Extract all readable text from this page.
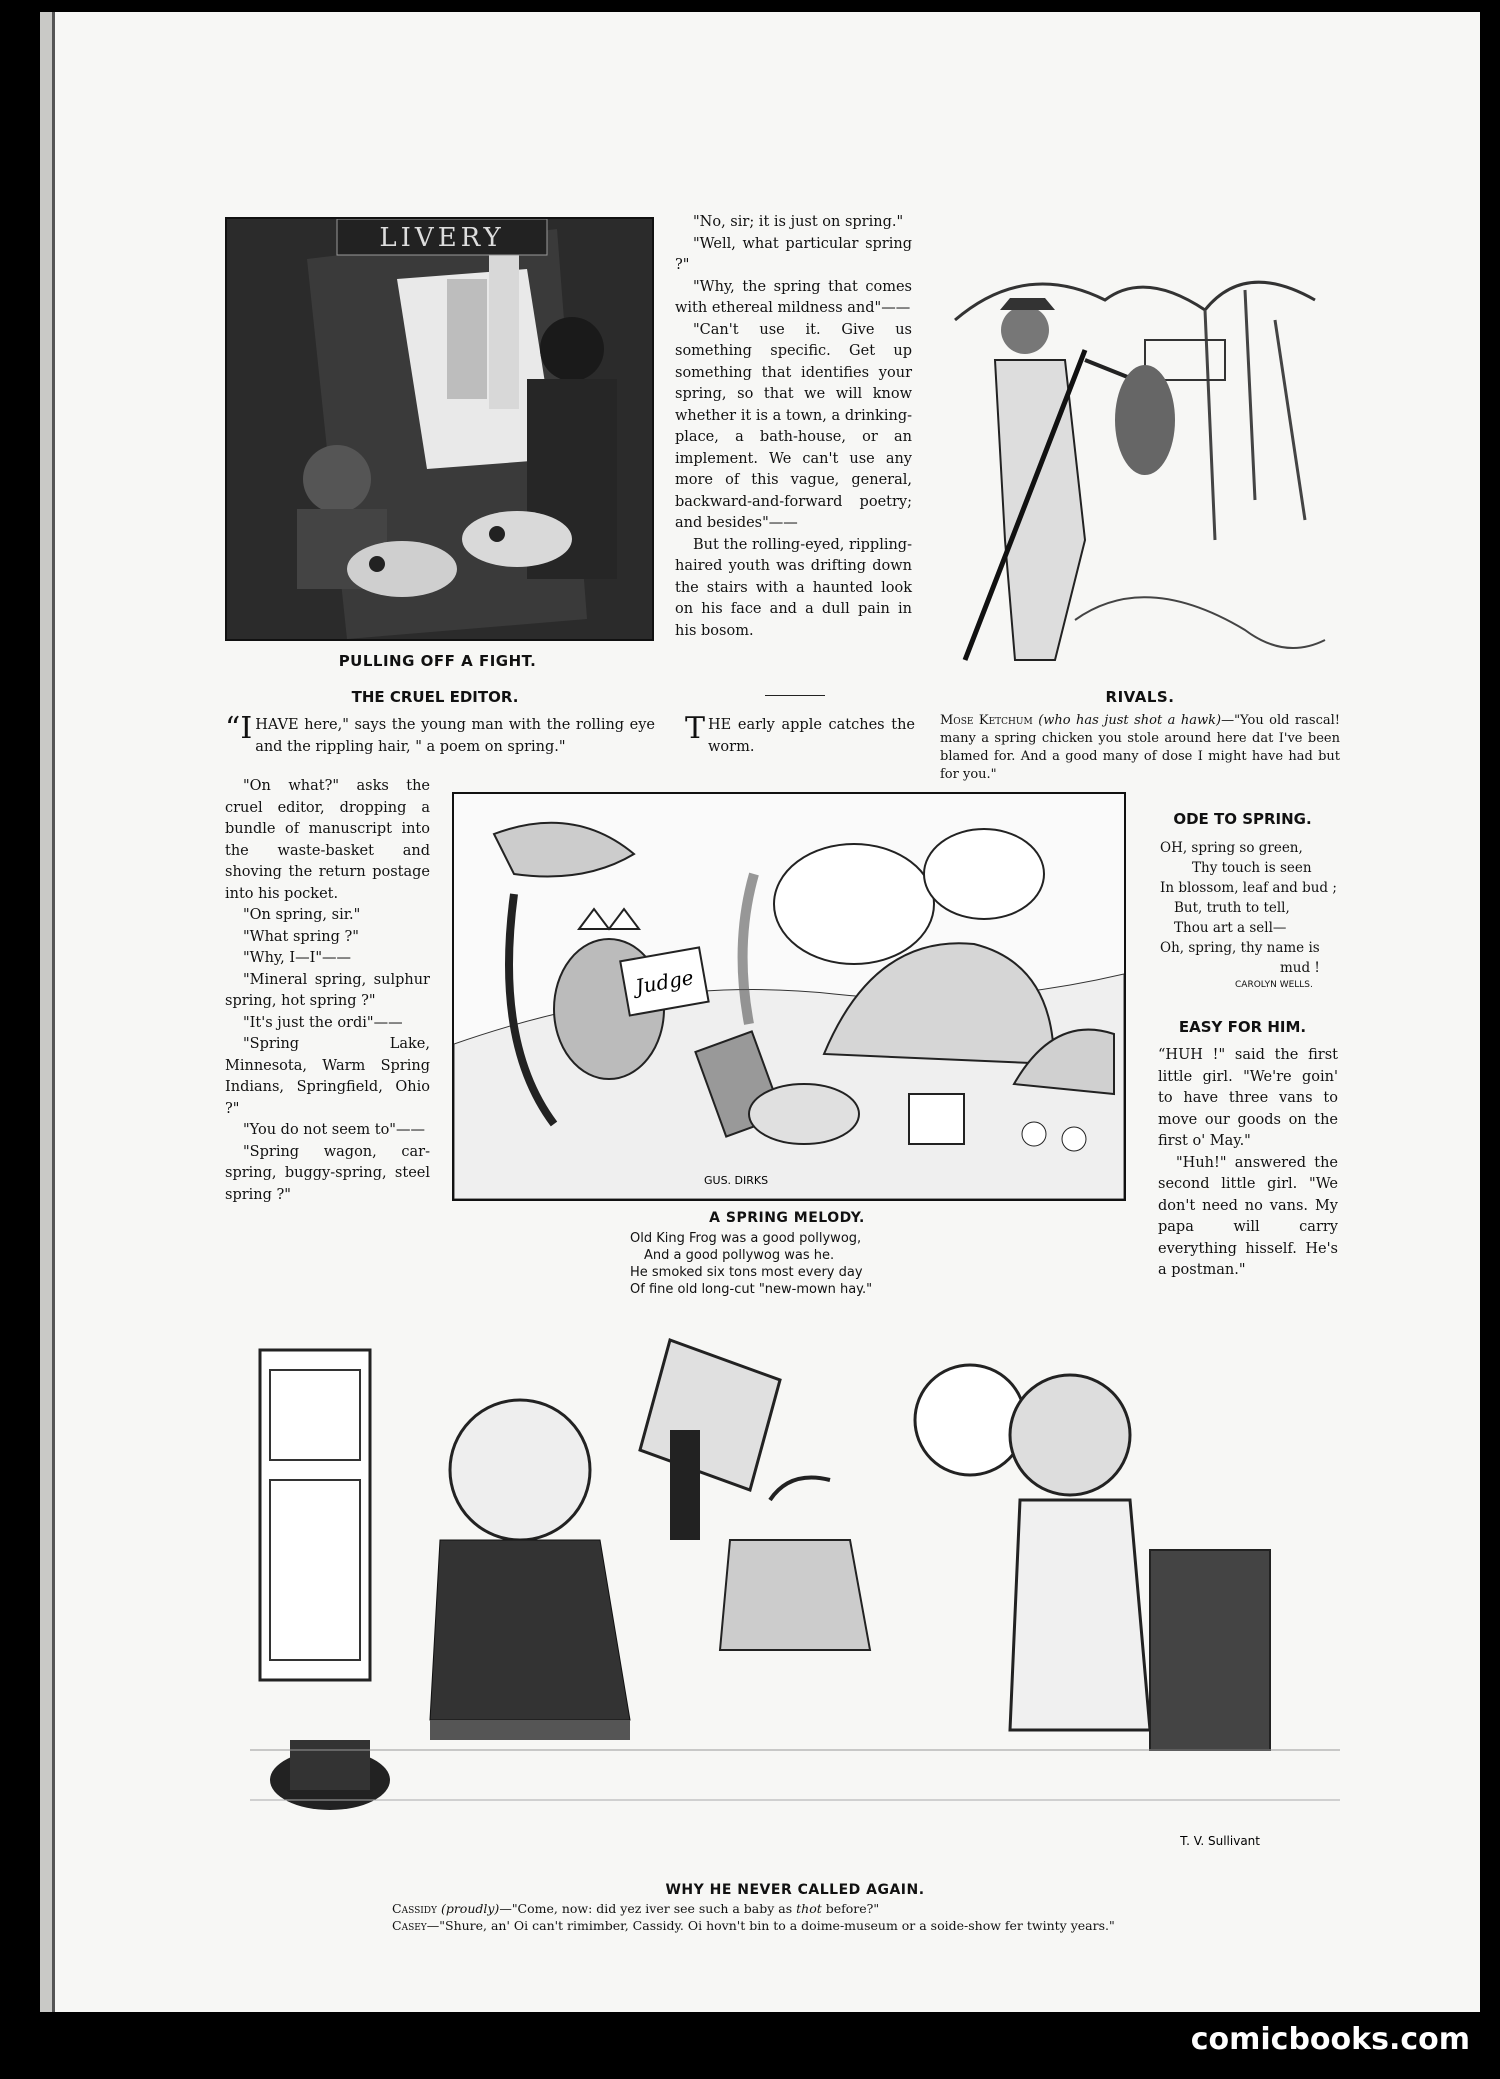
LIVERY
PULLING OFF A FIGHT.
THE CRUEL EDITOR.
“I HAVE here," says the young man with the rolling eye and the rippling hair, " a poem on spring."

"On what?" asks the cruel editor, dropping a bundle of manuscript into the waste-basket and shoving the return postage into his pocket.

"On spring, sir."

"What spring ?"

"Why, I—I"——

"Mineral spring, sulphur spring, hot spring ?"

"It's just the ordi"——

"Spring Lake, Minnesota, Warm Spring Indians, Springfield, Ohio ?"

"You do not seem to"——

"Spring wagon, car-spring, buggy-spring, steel spring ?"

"No, sir; it is just on spring."

"Well, what particular spring ?"

"Why, the spring that comes with ethereal mildness and"——

"Can't use it. Give us something specific. Get up something that identifies your spring, so that we will know whether it is a town, a drinking-place, a bath-house, or an implement. We can't use any more of this vague, general, backward-and-forward poetry; and besides"——

But the rolling-eyed, rippling-haired youth was drifting down the stairs with a haunted look on his face and a dull pain in his bosom.

T HE early apple catches the worm.
RIVALS.
Mose Ketchum (who has just shot a hawk)—"You old rascal! many a spring chicken you stole around here dat I've been blamed for. And a good many of dose I might have had but for you."
Judge
GUS. DIRKS
A SPRING MELODY.
Old King Frog was a good pollywog,
And a good pollywog was he.
He smoked six tons most every day
Of fine old long-cut "new-mown hay."
ODE TO SPRING.
OH, spring so green,
Thy touch is seen
In blossom, leaf and bud ;
But, truth to tell,
Thou art a sell—
Oh, spring, thy name is
mud !
CAROLYN WELLS.
EASY FOR HIM.

“HUH !" said the first little girl. "We're goin' to have three vans to move our goods on the first o' May."

"Huh!" answered the second little girl. "We don't need no vans. My papa will carry everything hisself. He's a postman."

T. V. Sullivant
WHY HE NEVER CALLED AGAIN.
Cassidy (proudly)—"Come, now: did yez iver see such a baby as thot before?"
Casey—"Shure, an' Oi can't rimimber, Cassidy. Oi hovn't bin to a doime-museum or a soide-show fer twinty years."
comicbooks.com
